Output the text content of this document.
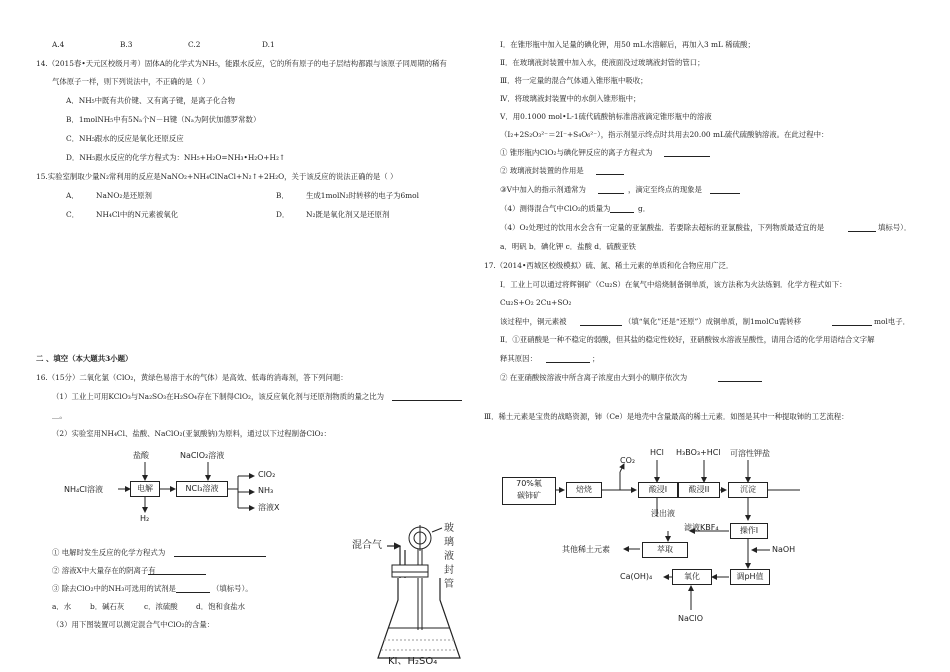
A.4	B.3	C.2	D.1
14.（2015春•天元区校级月考）固体A的化学式为NH₅，能跟水反应，它的所有原子的电子层结构都跟与该原子同周期的稀有
气体原子一样，则下列说法中，不正确的是（ ）
A．NH₅中既有共价键、又有离子键，是离子化合物
B．1molNH₅中有5Nₐ个N－H键（Nₐ为阿伏加德罗常数）
C．NH₅跟水的反应是氧化还原反应
D．NH₅跟水反应的化学方程式为：NH₅+H₂O=NH₃•H₂O+H₂↑
15.实验室制取少量N₂常利用的反应是NaNO₂+NH₄ClNaCl+N₂↑+2H₂O，关于该反应的说法正确的是（ ）
A． NaNO₂是还原剂	B． 生成1molN₂时转移的电子为6mol
C． NH₄Cl中的N元素被氧化	D． N₂既是氧化剂又是还原剂
二 、填空（本大题共3小题）
16.（15分）二氧化氯（ClO₂，黄绿色易溶于水的气体）是高效、低毒的消毒剂，答下列问题：
（1）工业上可用KClO₃与Na₂SO₃在H₂SO₄存在下制得ClO₂，该反应氧化剂与还原剂物质的量之比为
＿。
（2）实验室用NH₄Cl、盐酸、NaClO₂(亚氯酸钠)为原料，通过以下过程制备ClO₂：
盐酸	NaClO₂溶液
NH₄Cl溶液	电解	NCl₃溶液
H₂
ClO₂
NH₃
溶液X
① 电解时发生反应的化学方程式为
② 溶液X中大量存在的阴离子有
③ 除去ClO₂中的NH₃可选用的试剂是	（填标号）。
a．水	b．碱石灰	c．浓硫酸 d．饱和食盐水
（3）用下图装置可以测定混合气中ClO₂的含量：
混合气
玻
璃
液
封
管
KI、H₂SO₄
Ⅰ．在锥形瓶中加入足量的碘化钾，用50 mL水溶解后，再加入3 mL 稀硫酸；
Ⅱ．在玻璃液封装置中加入水，使液面没过玻璃液封管的管口；
Ⅲ．将一定量的混合气体通入锥形瓶中吸收；
Ⅳ．将玻璃液封装置中的水倒入锥形瓶中；
Ⅴ．用0.1000 mol•L-1硫代硫酸钠标准溶液滴定锥形瓶中的溶液
（I₂+2S₂O₃²⁻＝2I⁻+S₄O₆²⁻），指示剂显示终点时共用去20.00 mL硫代硫酸钠溶液。在此过程中：
① 锥形瓶内ClO₂与碘化钾反应的离子方程式为
② 玻璃液封装置的作用是
③Ⅴ中加入的指示剂通常为	，滴定至终点的现象是
（4）测得混合气中ClO₂的质量为	g．
（4）O₂处理过的饮用水会含有一定量的亚氯酸盐．若要除去超标的亚氯酸盐，下列物质最适宜的是	填标号）．
a．明矾 b．碘化钾 c．盐酸 d．硫酸亚铁
17.（2014•西城区校级模拟）硫、氮、稀土元素的单质和化合物应用广泛．
Ⅰ．工业上可以通过将辉铜矿（Cu₂S）在氧气中焙烧制备铜单质，该方法称为火法炼铜．化学方程式如下：
Cu₂S+O₂ 2Cu+SO₂
该过程中，铜元素被	（填“氧化”还是“还原”）成铜单质，制1molCu需转移	mol电子．
Ⅱ．①亚硝酸是一种不稳定的弱酸，但其盐的稳定性较好，亚硝酸铵水溶液呈酸性，请用合适的化学用语结合文字解
释其原因：	；
② 在亚硝酸铵溶液中所含离子浓度由大到小的顺序依次为
Ⅲ．稀土元素是宝贵的战略资源，铈（Ce）是地壳中含量最高的稀土元素．如图是其中一种提取铈的工艺流程：
70%氟
碳铈矿
焙烧
CO₂
HCl
酸浸I
H₃BO₃+HCl
酸浸II
可溶性钾盐
沉淀
浸出液
滤液KBF₄	操作I
其他稀土元素	萃取	NaOH
Ca(OH)₄	氧化	调pH值
NaClO
